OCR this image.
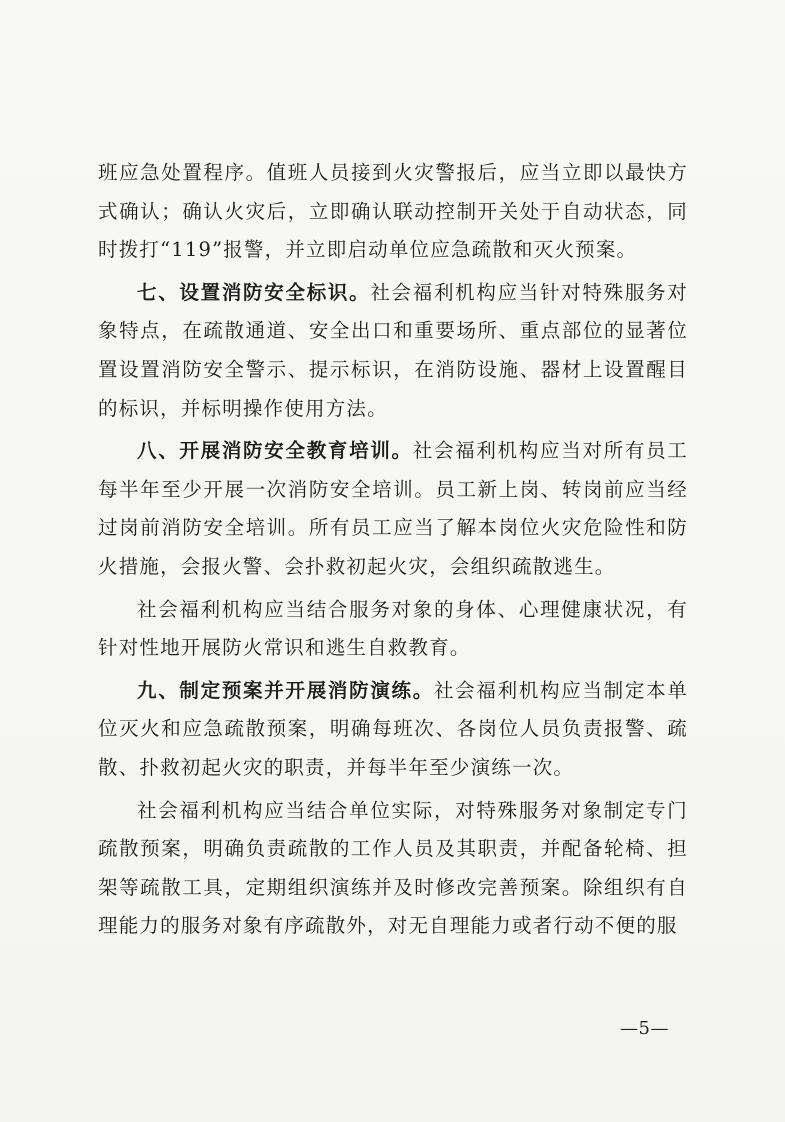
班应急处置程序。值班人员接到火灾警报后，应当立即以最快方式确认；确认火灾后，立即确认联动控制开关处于自动状态，同时拨打“119”报警，并立即启动单位应急疏散和灭火预案。

七、设置消防安全标识。社会福利机构应当针对特殊服务对象特点，在疏散通道、安全出口和重要场所、重点部位的显著位置设置消防安全警示、提示标识，在消防设施、器材上设置醒目的标识，并标明操作使用方法。

八、开展消防安全教育培训。社会福利机构应当对所有员工每半年至少开展一次消防安全培训。员工新上岗、转岗前应当经过岗前消防安全培训。所有员工应当了解本岗位火灾危险性和防火措施，会报火警、会扑救初起火灾，会组织疏散逃生。

社会福利机构应当结合服务对象的身体、心理健康状况，有针对性地开展防火常识和逃生自救教育。

九、制定预案并开展消防演练。社会福利机构应当制定本单位灭火和应急疏散预案，明确每班次、各岗位人员负责报警、疏散、扑救初起火灾的职责，并每半年至少演练一次。

社会福利机构应当结合单位实际，对特殊服务对象制定专门疏散预案，明确负责疏散的工作人员及其职责，并配备轮椅、担架等疏散工具，定期组织演练并及时修改完善预案。除组织有自理能力的服务对象有序疏散外，对无自理能力或者行动不便的服

—5—
